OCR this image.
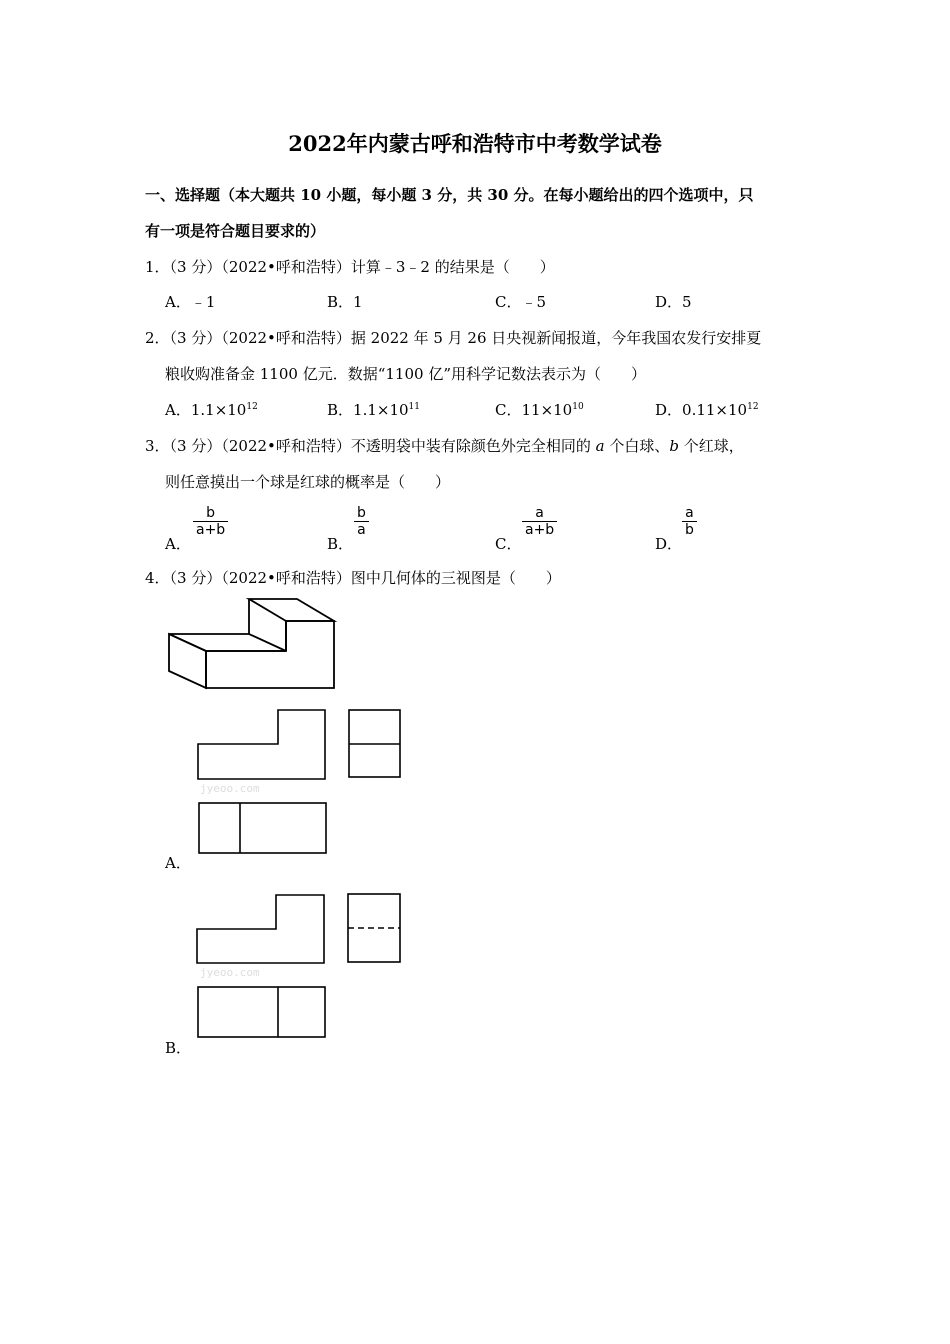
2022年内蒙古呼和浩特市中考数学试卷
一、选择题（本大题共 10 小题，每小题 3 分，共 30 分。在每小题给出的四个选项中，只
有一项是符合题目要求的）
1．（3 分）（2022•呼和浩特）计算﹣3﹣2 的结果是（　　）
A．﹣1	B．1	C．﹣5	D．5
2．（3 分）（2022•呼和浩特）据 2022 年 5 月 26 日央视新闻报道，今年我国农发行安排夏
粮收购准备金 1100 亿元．数据“1100 亿”用科学记数法表示为（　　）
A．$1.1\times 10^{12}$	B．$1.1\times 10^{11}$	C．$11\times 10^{10}$	D．$0.11\times 10^{12}$
3．（3 分）（2022•呼和浩特）不透明袋中装有除颜色外完全相同的 a 个白球、b 个红球，
则任意摸出一个球是红球的概率是（　　）
A．
$\frac{b}{a+b}$
B．
$\frac{b}{a}$
C．
$\frac{a}{a+b}$
D．
$\frac{a}{b}$
4．（3 分）（2022•呼和浩特）图中几何体的三视图是（　　）
jyeoo.com
A．
jyeoo.com
B．
